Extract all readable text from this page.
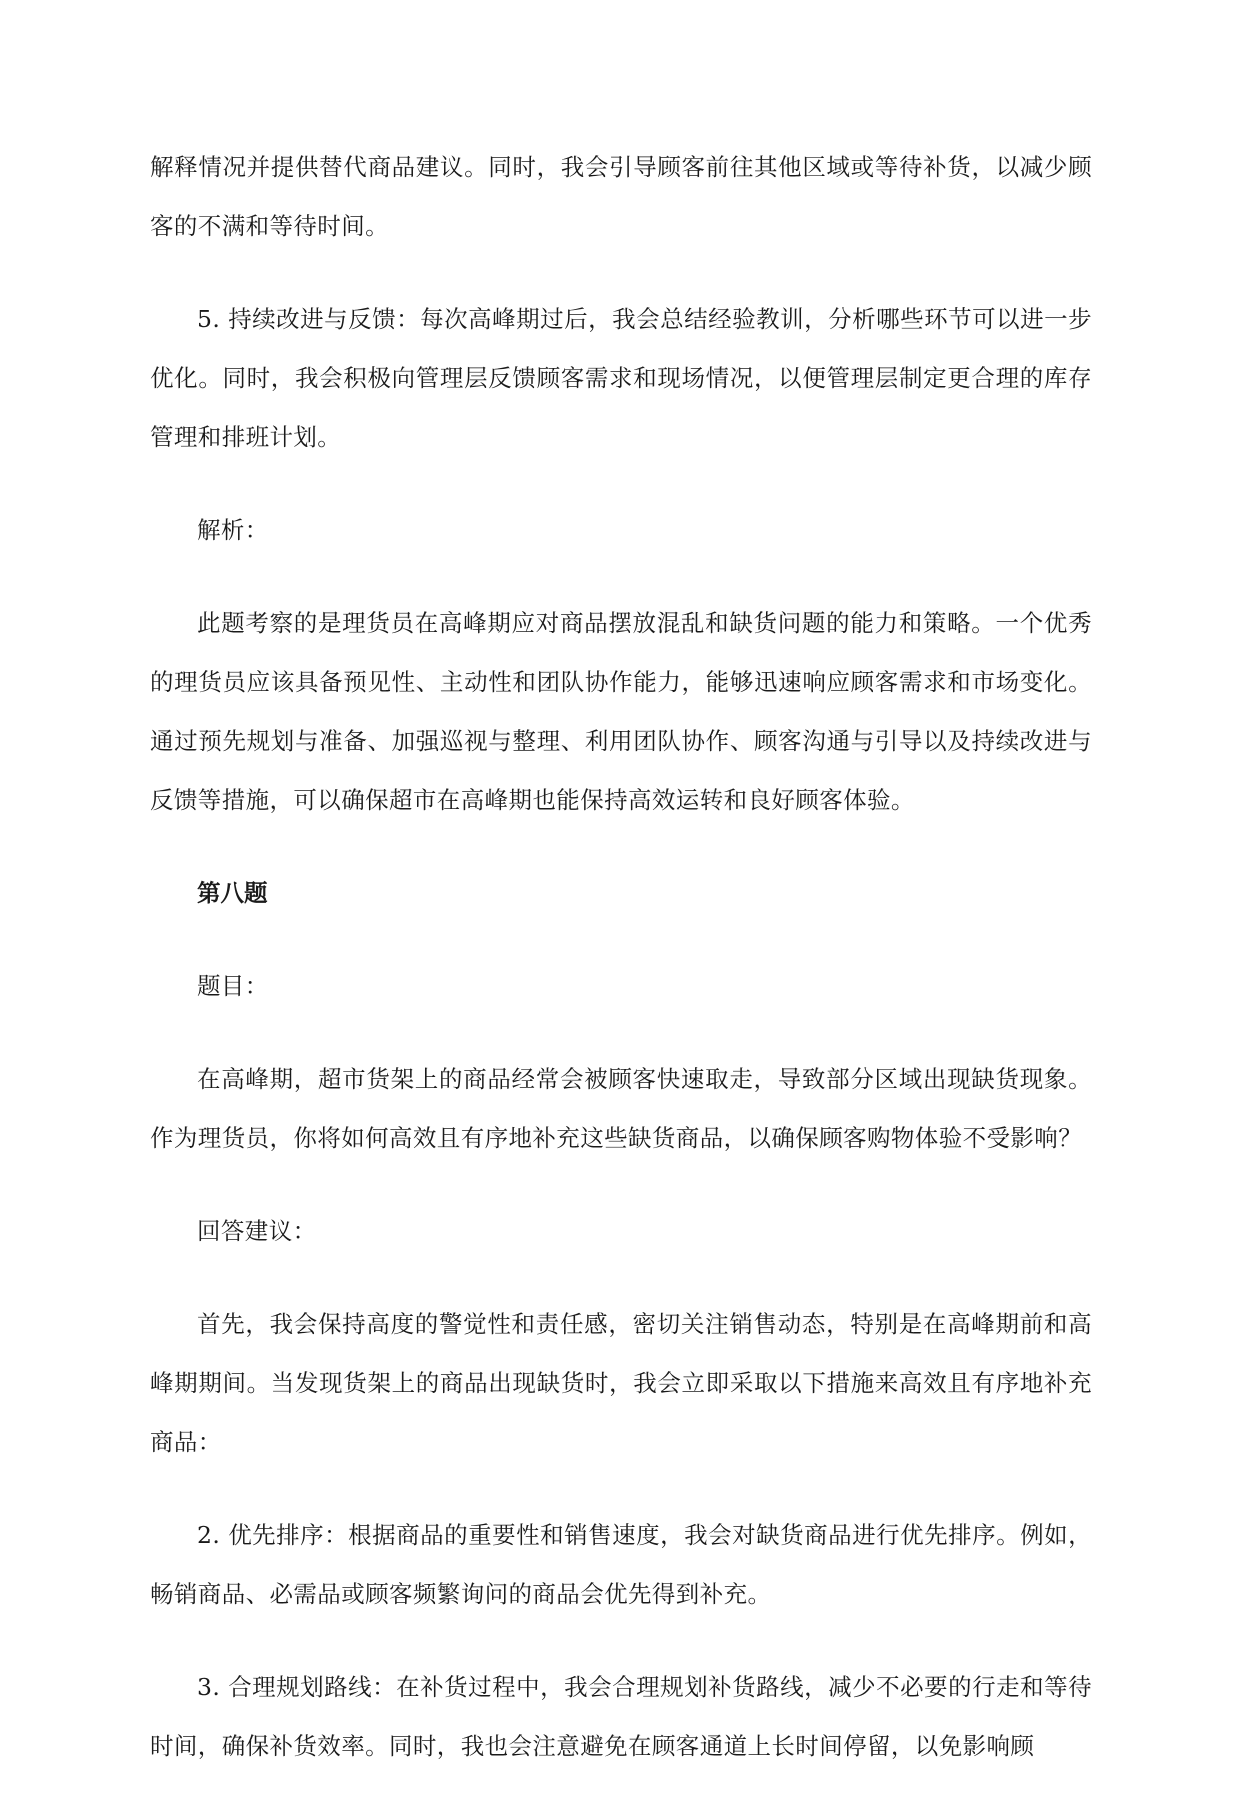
解释情况并提供替代商品建议。同时，我会引导顾客前往其他区域或等待补货，以减少顾客的不满和等待时间。

5. 持续改进与反馈：每次高峰期过后，我会总结经验教训，分析哪些环节可以进一步优化。同时，我会积极向管理层反馈顾客需求和现场情况，以便管理层制定更合理的库存管理和排班计划。

解析：

此题考察的是理货员在高峰期应对商品摆放混乱和缺货问题的能力和策略。一个优秀的理货员应该具备预见性、主动性和团队协作能力，能够迅速响应顾客需求和市场变化。通过预先规划与准备、加强巡视与整理、利用团队协作、顾客沟通与引导以及持续改进与反馈等措施，可以确保超市在高峰期也能保持高效运转和良好顾客体验。

第八题

题目：

在高峰期，超市货架上的商品经常会被顾客快速取走，导致部分区域出现缺货现象。作为理货员，你将如何高效且有序地补充这些缺货商品，以确保顾客购物体验不受影响？

回答建议：

首先，我会保持高度的警觉性和责任感，密切关注销售动态，特别是在高峰期前和高峰期期间。当发现货架上的商品出现缺货时，我会立即采取以下措施来高效且有序地补充商品：

2. 优先排序：根据商品的重要性和销售速度，我会对缺货商品进行优先排序。例如，畅销商品、必需品或顾客频繁询问的商品会优先得到补充。

3. 合理规划路线：在补货过程中，我会合理规划补货路线，减少不必要的行走和等待时间，确保补货效率。同时，我也会注意避免在顾客通道上长时间停留，以免影响顾
